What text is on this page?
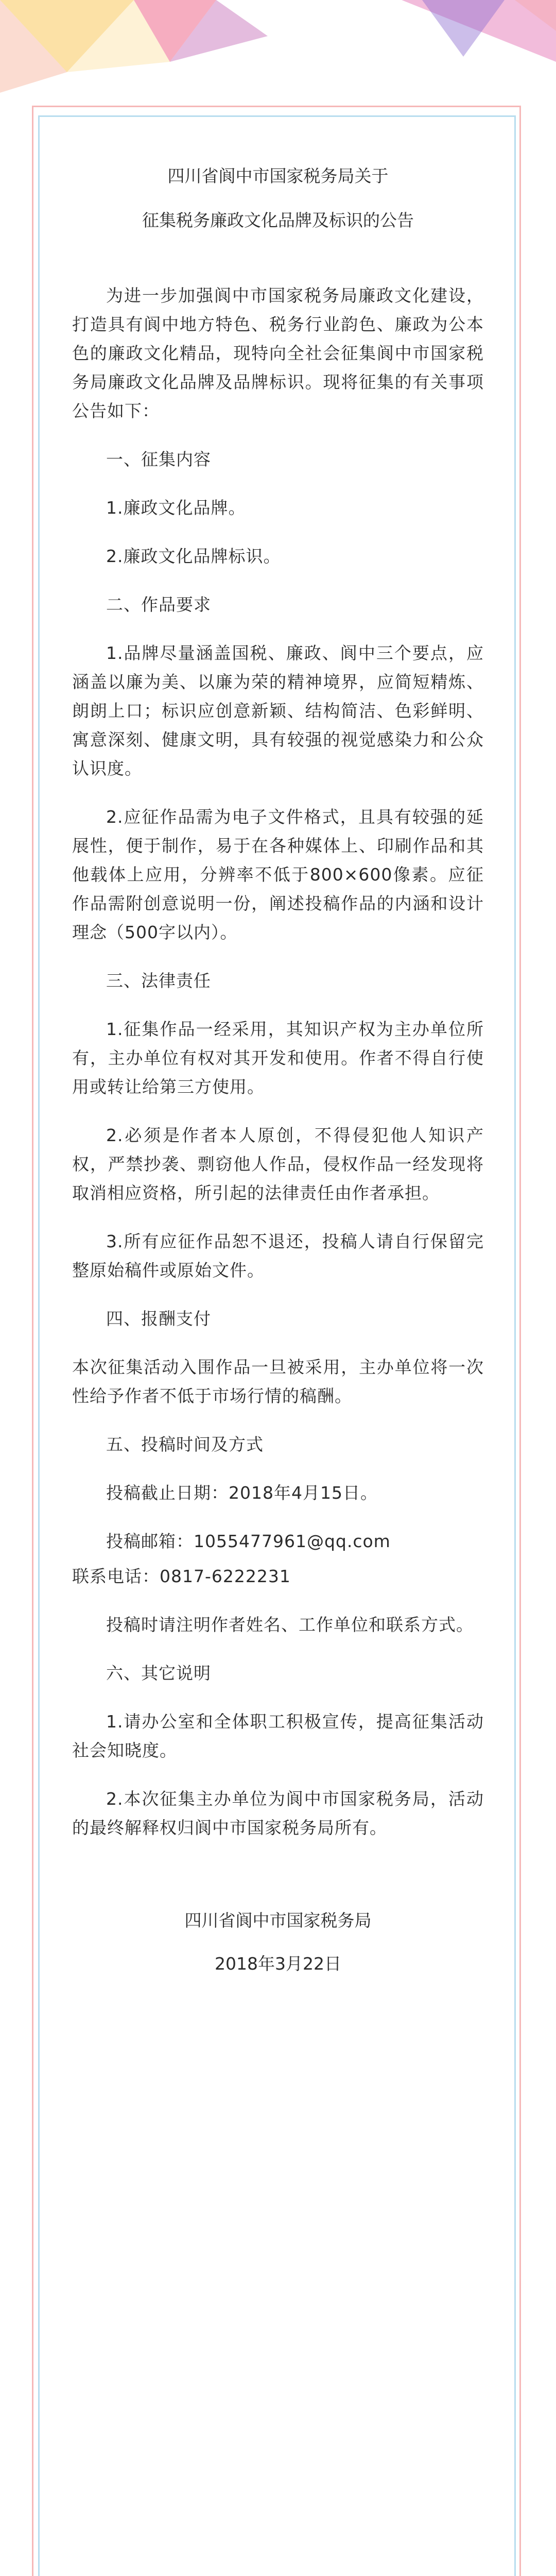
四川省阆中市国家税务局关于
征集税务廉政文化品牌及标识的公告

为进一步加强阆中市国家税务局廉政文化建设，打造具有阆中地方特色、税务行业韵色、廉政为公本色的廉政文化精品，现特向全社会征集阆中市国家税务局廉政文化品牌及品牌标识。现将征集的有关事项公告如下：

一、征集内容

1.廉政文化品牌。

2.廉政文化品牌标识。

二、作品要求

1.品牌尽量涵盖国税、廉政、阆中三个要点，应涵盖以廉为美、以廉为荣的精神境界，应简短精炼、朗朗上口；标识应创意新颖、结构简洁、色彩鲜明、寓意深刻、健康文明，具有较强的视觉感染力和公众认识度。

2.应征作品需为电子文件格式，且具有较强的延展性，便于制作，易于在各种媒体上、印刷作品和其他载体上应用，分辨率不低于800×600像素。应征作品需附创意说明一份，阐述投稿作品的内涵和设计理念（500字以内）。

三、法律责任

1.征集作品一经采用，其知识产权为主办单位所有，主办单位有权对其开发和使用。作者不得自行使用或转让给第三方使用。

2.必须是作者本人原创，不得侵犯他人知识产权，严禁抄袭、剽窃他人作品，侵权作品一经发现将取消相应资格，所引起的法律责任由作者承担。

3.所有应征作品恕不退还，投稿人请自行保留完整原始稿件或原始文件。

四、报酬支付

本次征集活动入围作品一旦被采用，主办单位将一次性给予作者不低于市场行情的稿酬。

五、投稿时间及方式

投稿截止日期：2018年4月15日。

投稿邮箱：1055477961@qq.com

联系电话：0817-6222231

投稿时请注明作者姓名、工作单位和联系方式。

六、其它说明

1.请办公室和全体职工积极宣传，提高征集活动社会知晓度。

2.本次征集主办单位为阆中市国家税务局，活动的最终解释权归阆中市国家税务局所有。

四川省阆中市国家税务局
2018年3月22日
